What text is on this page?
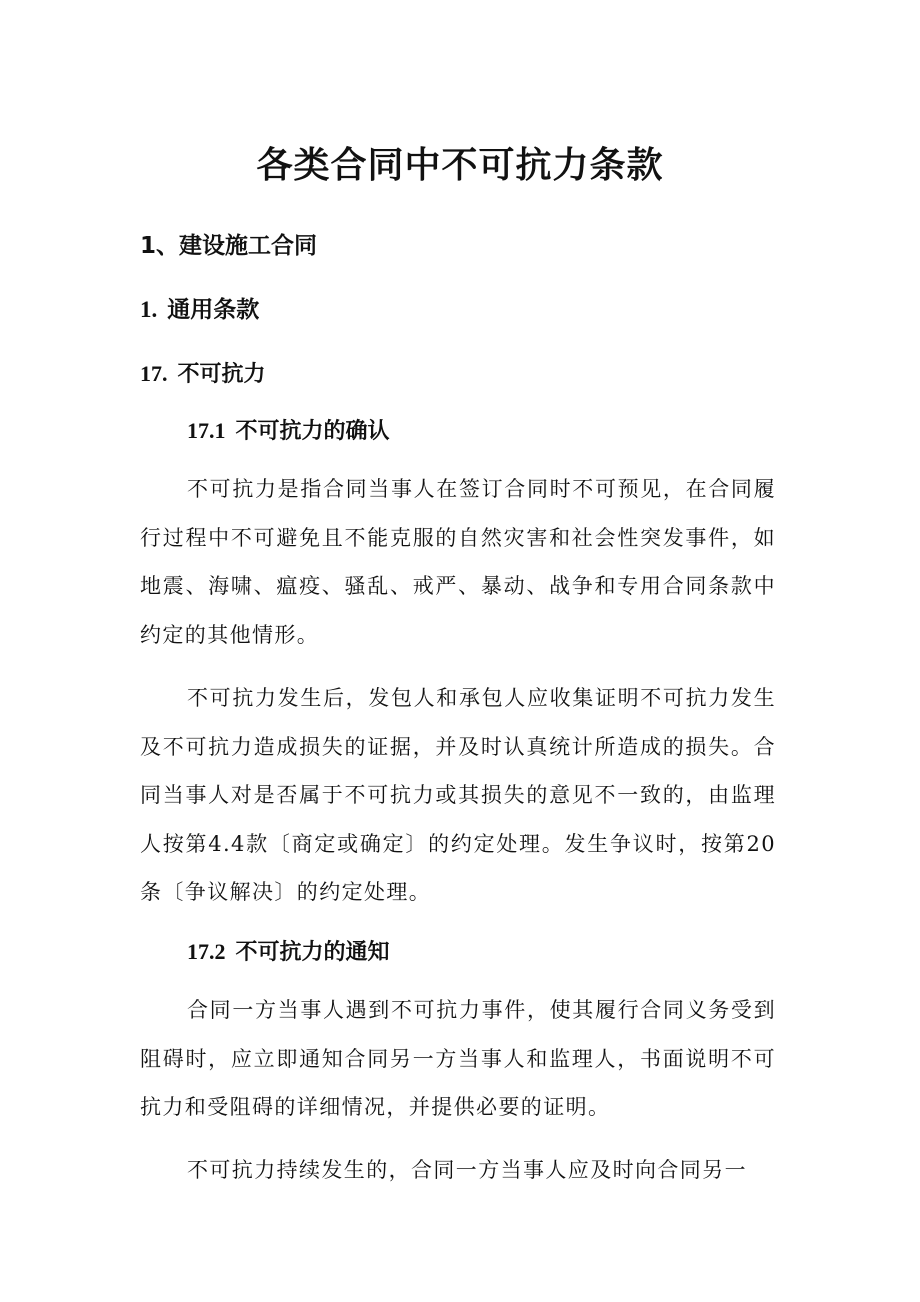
各类合同中不可抗力条款
1、建设施工合同
1. 通用条款
17. 不可抗力
17.1 不可抗力的确认

不可抗力是指合同当事人在签订合同时不可预见，在合同履行过程中不可避免且不能克服的自然灾害和社会性突发事件，如地震、海啸、瘟疫、骚乱、戒严、暴动、战争和专用合同条款中约定的其他情形。

不可抗力发生后，发包人和承包人应收集证明不可抗力发生及不可抗力造成损失的证据，并及时认真统计所造成的损失。合同当事人对是否属于不可抗力或其损失的意见不一致的，由监理人按第4.4款〔商定或确定〕的约定处理。发生争议时，按第20条〔争议解决〕的约定处理。

17.2 不可抗力的通知

合同一方当事人遇到不可抗力事件，使其履行合同义务受到阻碍时，应立即通知合同另一方当事人和监理人，书面说明不可抗力和受阻碍的详细情况，并提供必要的证明。

不可抗力持续发生的，合同一方当事人应及时向合同另一
